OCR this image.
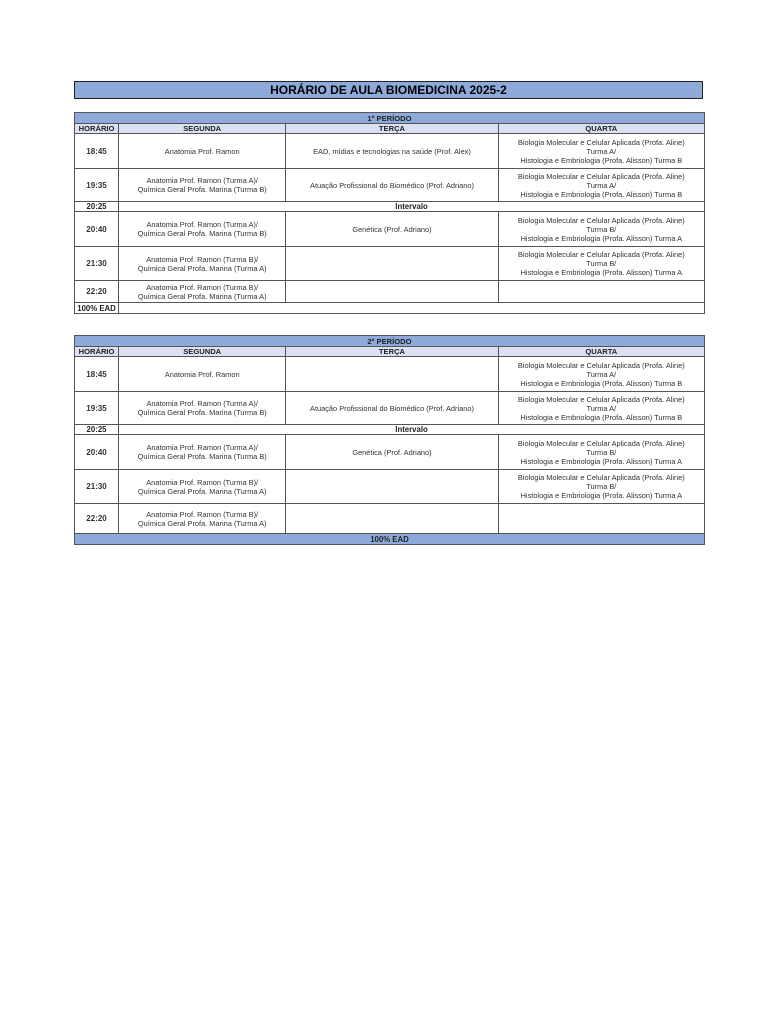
HORÁRIO DE AULA BIOMEDICINA 2025-2
1º PERÍODO			
HORÁRIO	SEGUNDA	TERÇA	QUARTA
18:45	Anatomia Prof. Ramon	EAD, mídias e tecnologias na saúde (Prof. Alex)	Biologia Molecular e Celular Aplicada (Profa. Aline)
Turma A/
Histologia e Embriologia (Profa. Alisson) Turma B
19:35	Anatomia Prof. Ramon (Turma A)/
Química Geral Profa. Marina (Turma B)	Atuação Profissional do Biomédico (Prof. Adriano)	Biologia Molecular e Celular Aplicada (Profa. Aline)
Turma A/
Histologia e Embriologia (Profa. Alisson) Turma B
20:25	Intervalo		
20:40	Anatomia Prof. Ramon (Turma A)/
Química Geral Profa. Marina (Turma B)	Genética (Prof. Adriano)	Biologia Molecular e Celular Aplicada (Profa. Aline)
Turma B/
Histologia e Embriologia (Profa. Alisson) Turma A
21:30	Anatomia Prof. Ramon (Turma B)/
Química Geral Profa. Marina (Turma A)		Biologia Molecular e Celular Aplicada (Profa. Aline)
Turma B/
Histologia e Embriologia (Profa. Alisson) Turma A
22:20	Anatomia Prof. Ramon (Turma B)/
Química Geral Profa. Marina (Turma A)		
100% EAD			
2º PERÍODO			
HORÁRIO	SEGUNDA	TERÇA	QUARTA
18:45	Anatomia Prof. Ramon		Biologia Molecular e Celular Aplicada (Profa. Aline)
Turma A/
Histologia e Embriologia (Profa. Alisson) Turma B
19:35	Anatomia Prof. Ramon (Turma A)/
Química Geral Profa. Marina (Turma B)	Atuação Profissional do Biomédico (Prof. Adriano)	Biologia Molecular e Celular Aplicada (Profa. Aline)
Turma A/
Histologia e Embriologia (Profa. Alisson) Turma B
20:25	Intervalo		
20:40	Anatomia Prof. Ramon (Turma A)/
Química Geral Profa. Marina (Turma B)	Genética (Prof. Adriano)	Biologia Molecular e Celular Aplicada (Profa. Aline)
Turma B/
Histologia e Embriologia (Profa. Alisson) Turma A
21:30	Anatomia Prof. Ramon (Turma B)/
Química Geral Profa. Marina (Turma A)		Biologia Molecular e Celular Aplicada (Profa. Aline)
Turma B/
Histologia e Embriologia (Profa. Alisson) Turma A
22:20	Anatomia Prof. Ramon (Turma B)/
Química Geral Profa. Marina (Turma A)		
100% EAD			
